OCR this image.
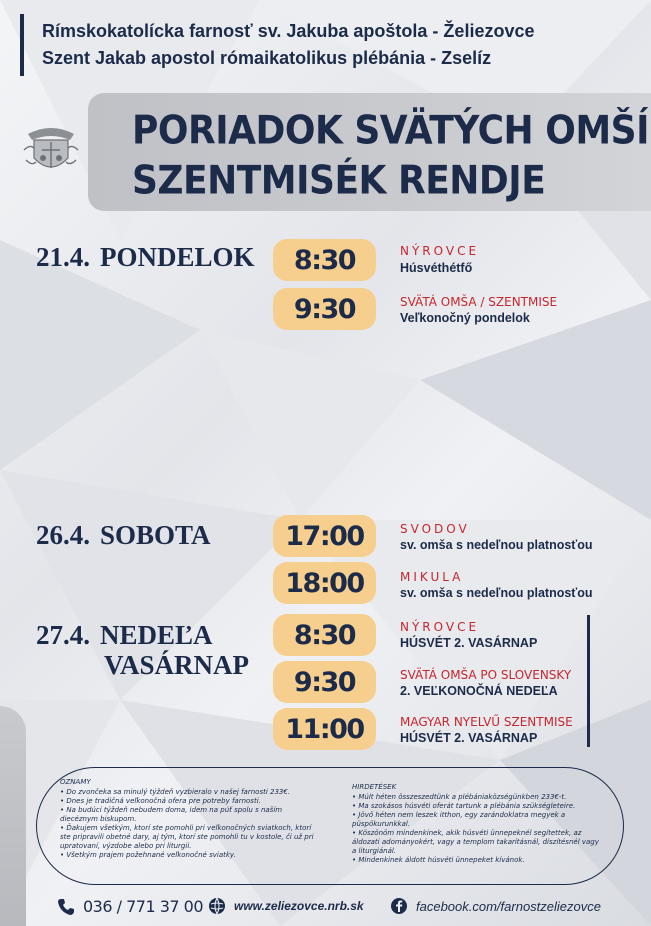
Rímskokatolícka farnosť sv. Jakuba apoštola - Želiezovce
Szent Jakab apostol rómaikatolikus plébánia - Zselíz
PORIADOK SVÄTÝCH OMŠÍ
SZENTMISÉK RENDJE
21.4. PONDELOK	8:30	NÝROVCE
Húsvéthétfő
9:30	SVÄTÁ OMŠA / SZENTMISE
Veľkonočný pondelok
26.4. SOBOTA	17:00	SVODOV
sv. omša s nedeľnou platnosťou
18:00	MIKULA
sv. omša s nedeľnou platnosťou
27.4. NEDEĽA
VASÁRNAP
8:30	NÝROVCE
HÚSVÉT 2. VASÁRNAP
9:30	SVÄTÁ OMŠA PO SLOVENSKY
2. VEĽKONOČNÁ NEDEĽA
11:00	MAGYAR NYELVŰ SZENTMISE
HÚSVÉT 2. VASÁRNAP
OZNAMY
• Do zvončeka sa minulý týždeň vyzbieralo v našej farnosti 233€.
• Dnes je tradičná veľkonočná ofera pre potreby farnosti.
• Na budúci týždeň nebudem doma, idem na púť spolu s naším diecéznym biskupom.
• Ďakujem všetkým, ktorí ste pomohli pri veľkonočných sviatkoch, ktorí ste pripravili obetné dary, aj tým, ktorí ste pomohli tu v kostole, či už pri upratovaní, výzdobe alebo pri liturgii.
• Všetkým prajem požehnané veľkonočné sviatky.
HIRDETÉSEK
• Múlt héten összeszedtünk a plébániaközségünkben 233€-t.
• Ma szokásos húsvéti oferát tartunk a plébánia szükségleteire.
• Jövő héten nem leszek itthon, egy zarándoklatra megyek a püspökurunkkal.
• Köszönöm mindenkinek, akik húsvéti ünnepeknél segítettek, az áldozati adományokért, vagy a templom takarításnál, díszítésnél vagy a liturgiánál.
• Mindenkinek áldott húsvéti ünnepeket kívánok.
036 / 771 37 00	www.zeliezovce.nrb.sk	facebook.com/farnostzeliezovce
